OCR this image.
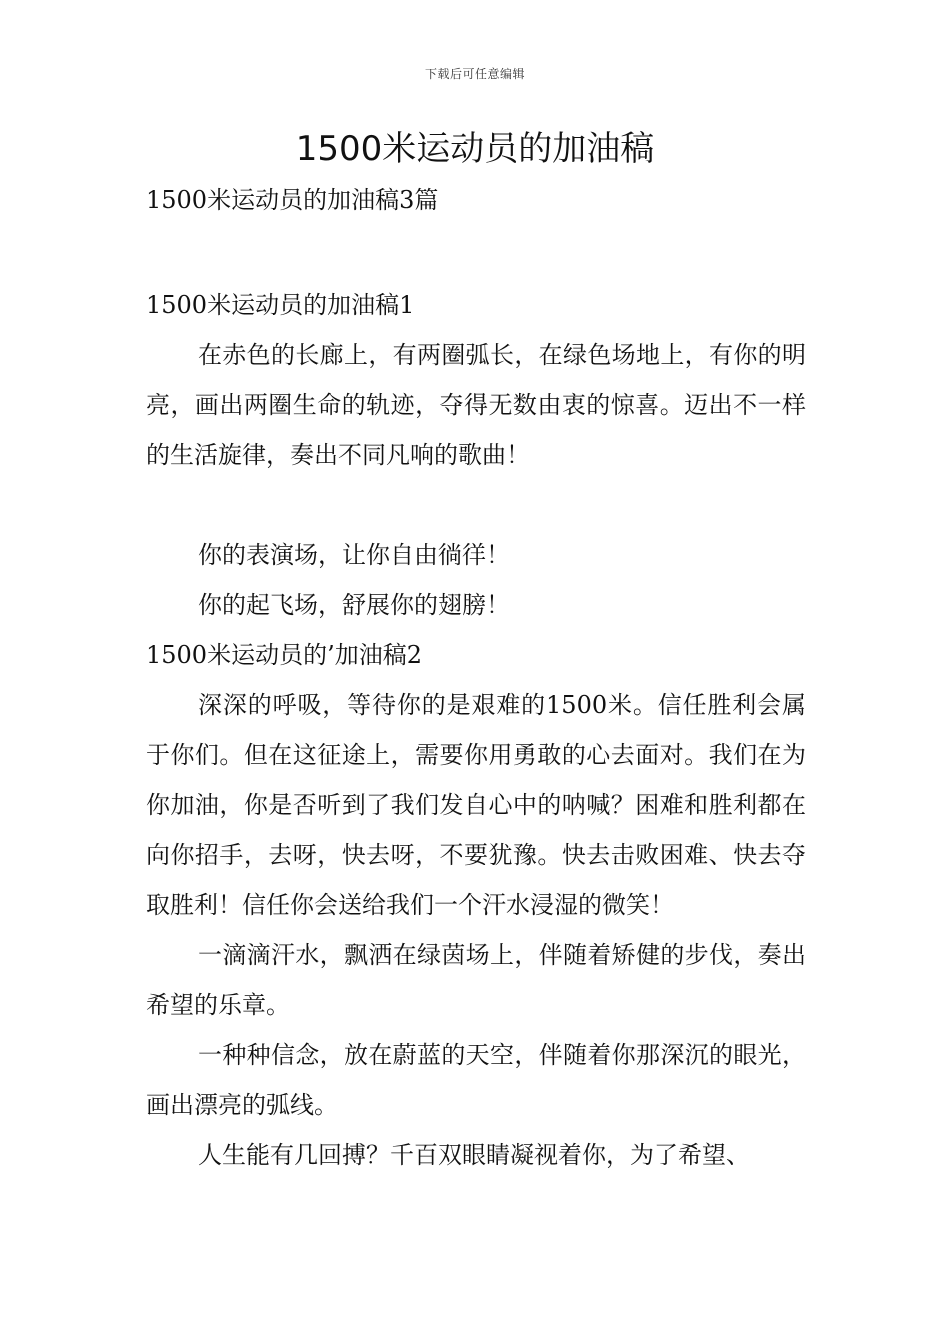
下载后可任意编辑
1500米运动员的加油稿

1500米运动员的加油稿3篇

1500米运动员的加油稿1

在赤色的长廊上，有两圈弧长，在绿色场地上，有你的明亮，画出两圈生命的轨迹，夺得无数由衷的惊喜。迈出不一样的生活旋律，奏出不同凡响的歌曲！

你的表演场，让你自由徜徉！

你的起飞场，舒展你的翅膀！

1500米运动员的’加油稿2

深深的呼吸，等待你的是艰难的1500米。信任胜利会属于你们。但在这征途上，需要你用勇敢的心去面对。我们在为你加油，你是否听到了我们发自心中的呐喊？困难和胜利都在向你招手，去呀，快去呀，不要犹豫。快去击败困难、快去夺取胜利！信任你会送给我们一个汗水浸湿的微笑！

一滴滴汗水，飘洒在绿茵场上，伴随着矫健的步伐，奏出希望的乐章。

一种种信念，放在蔚蓝的天空，伴随着你那深沉的眼光，画出漂亮的弧线。

人生能有几回搏？千百双眼睛凝视着你，为了希望、
